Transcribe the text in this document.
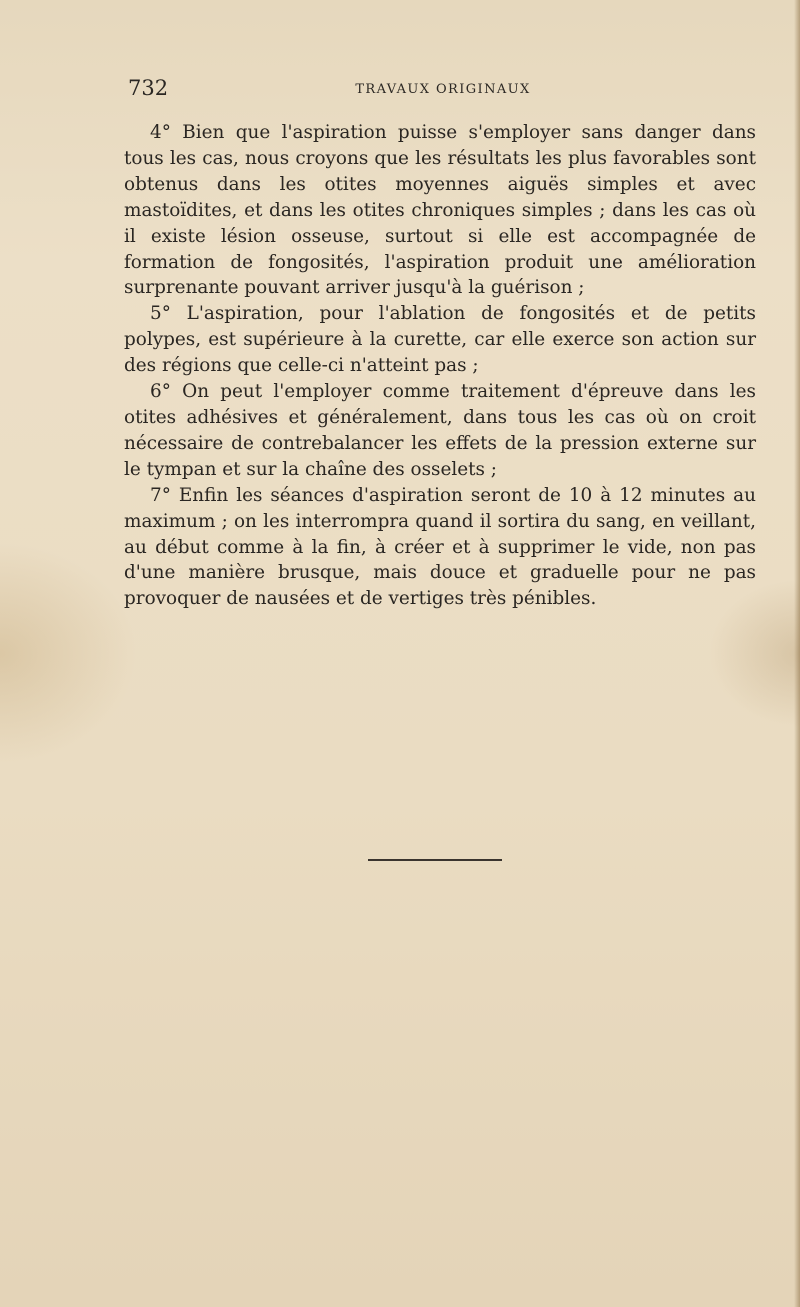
732	TRAVAUX ORIGINAUX

4° Bien que l'aspiration puisse s'employer sans danger dans tous les cas, nous croyons que les résultats les plus favorables sont obtenus dans les otites moyennes aiguës simples et avec mastoïdites, et dans les otites chroniques simples ; dans les cas où il existe lésion osseuse, surtout si elle est accompagnée de formation de fongosités, l'aspiration produit une amélioration surprenante pouvant arriver jusqu'à la guérison ;

5° L'aspiration, pour l'ablation de fongosités et de petits polypes, est supérieure à la curette, car elle exerce son action sur des régions que celle-ci n'atteint pas ;

6° On peut l'employer comme traitement d'épreuve dans les otites adhésives et généralement, dans tous les cas où on croit nécessaire de contrebalancer les effets de la pression externe sur le tympan et sur la chaîne des osselets ;

7° Enfin les séances d'aspiration seront de 10 à 12 minutes au maximum ; on les interrompra quand il sortira du sang, en veillant, au début comme à la fin, à créer et à supprimer le vide, non pas d'une manière brusque, mais douce et graduelle pour ne pas provoquer de nausées et de vertiges très pénibles.
